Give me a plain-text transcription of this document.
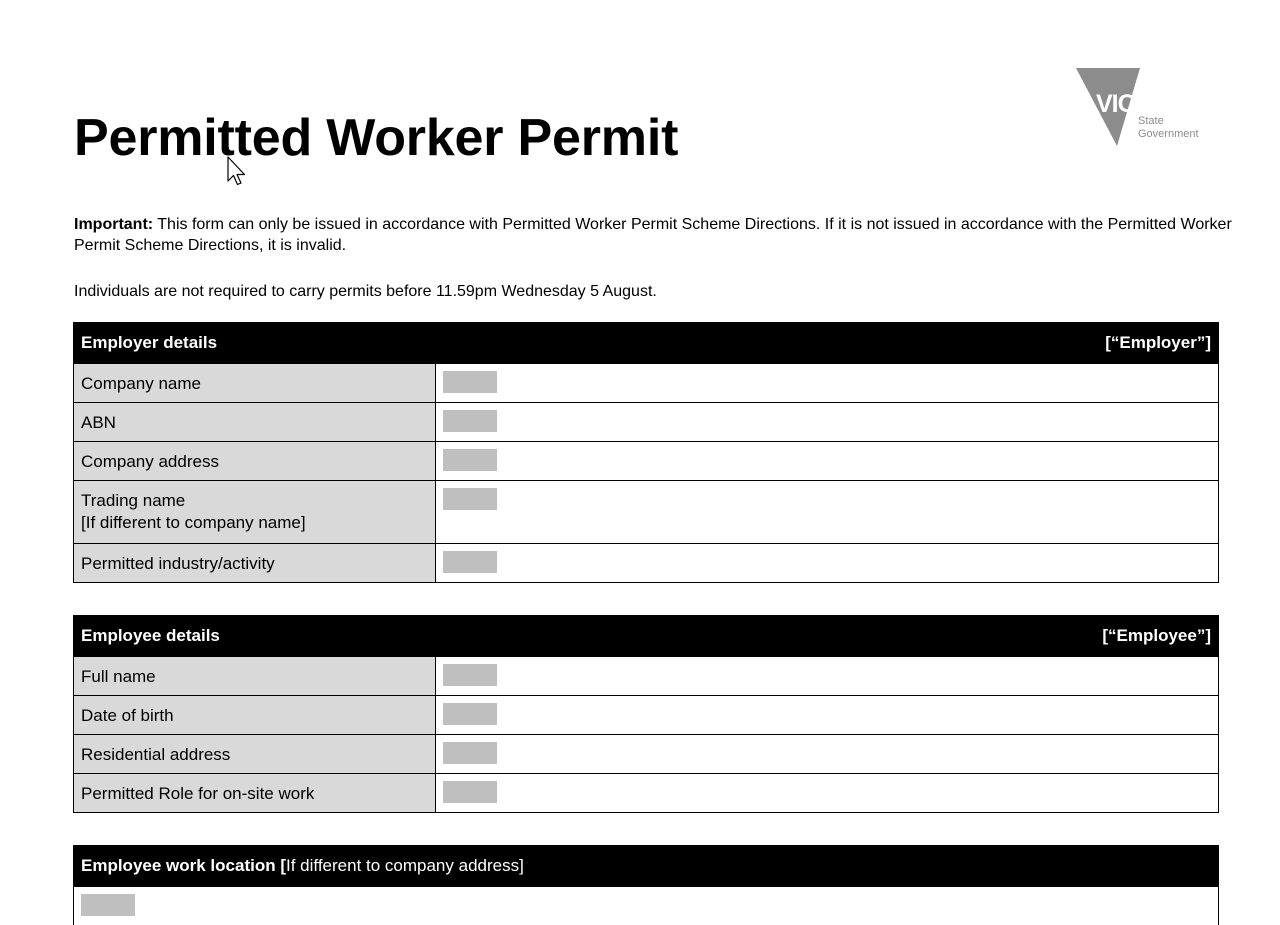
VICTORIA
State
Government
Permitted Worker Permit

Important: This form can only be issued in accordance with Permitted Worker Permit Scheme Directions. If it is not issued in accordance with the Permitted Worker Permit Scheme Directions, it is invalid.

Individuals are not required to carry permits before 11.59pm Wednesday 5 August.

Employer details [“Employer”]	

Company name	
ABN	
Company address	

Trading name
[If different to company name]	

Permitted industry/activity	
Employee details [“Employee”]	

Full name	
Date of birth	
Residential address	
Permitted Role for on-site work	
Employee work location [If different to company address]
